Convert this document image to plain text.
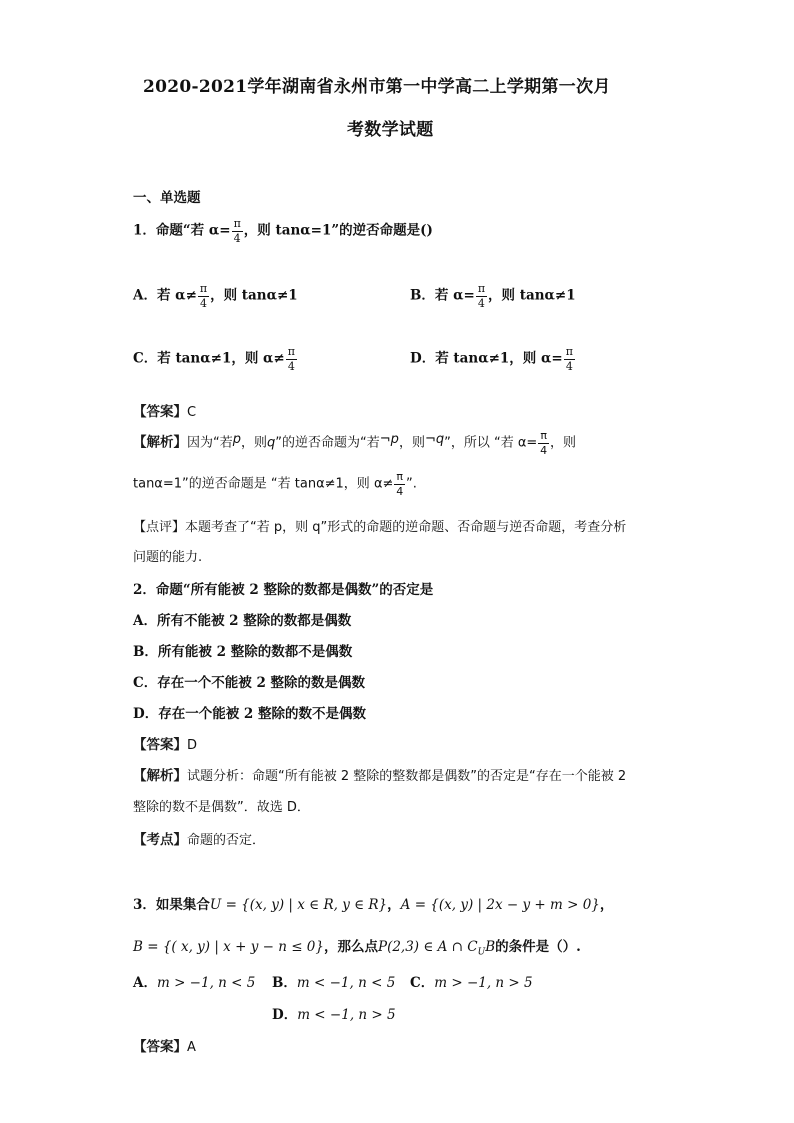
2020-2021学年湖南省永州市第一中学高二上学期第一次月
考数学试题
一、单选题
1．命题“若 $\alpha= \frac{\pi}{4}$ ，则 tanα=1”的逆否命题是()
A．若 $\alpha\ne \frac{\pi}{4}$ ，则 tanα≠1	B．若 $\alpha= \frac{\pi}{4}$ ，则 tanα≠1
C．若 tanα≠1，则 $\alpha\ne \frac{\pi}{4}$	D．若 tanα≠1，则 $\alpha= \frac{\pi}{4}$
【答案】C
【解析】因为“若p，则q”的逆否命题为“若¬p，则¬q”，所以 “若 $\alpha= \frac{\pi}{4}$ ，则
tanα=1”的逆否命题是 “若 tanα≠1，则 $\alpha\ne \frac{\pi}{4}$ ”.
【点评】本题考查了“若 p，则 q”形式的命题的逆命题、否命题与逆否命题，考查分析
问题的能力.
2．命题“所有能被 2 整除的数都是偶数”的否定是
A．所有不能被 2 整除的数都是偶数
B．所有能被 2 整除的数都不是偶数
C．存在一个不能被 2 整除的数是偶数
D．存在一个能被 2 整除的数不是偶数
【答案】D
【解析】试题分析：命题“所有能被 2 整除的整数都是偶数”的否定是“存在一个能被 2
整除的数不是偶数”．故选 D．
【考点】命题的否定．
3．如果集合U = {(x, y) | x ∈ R, y ∈ R}，A = {(x, y) | 2x − y + m > 0}，
B = {( x, y) | x + y − n ≤ 0}，那么点P(2,3) ∈ A ∩ $C_UB$的条件是（）.
A．m > −1, n < 5 B．m < −1, n < 5 C．m > −1, n > 5
D．m < −1, n > 5
【答案】A
